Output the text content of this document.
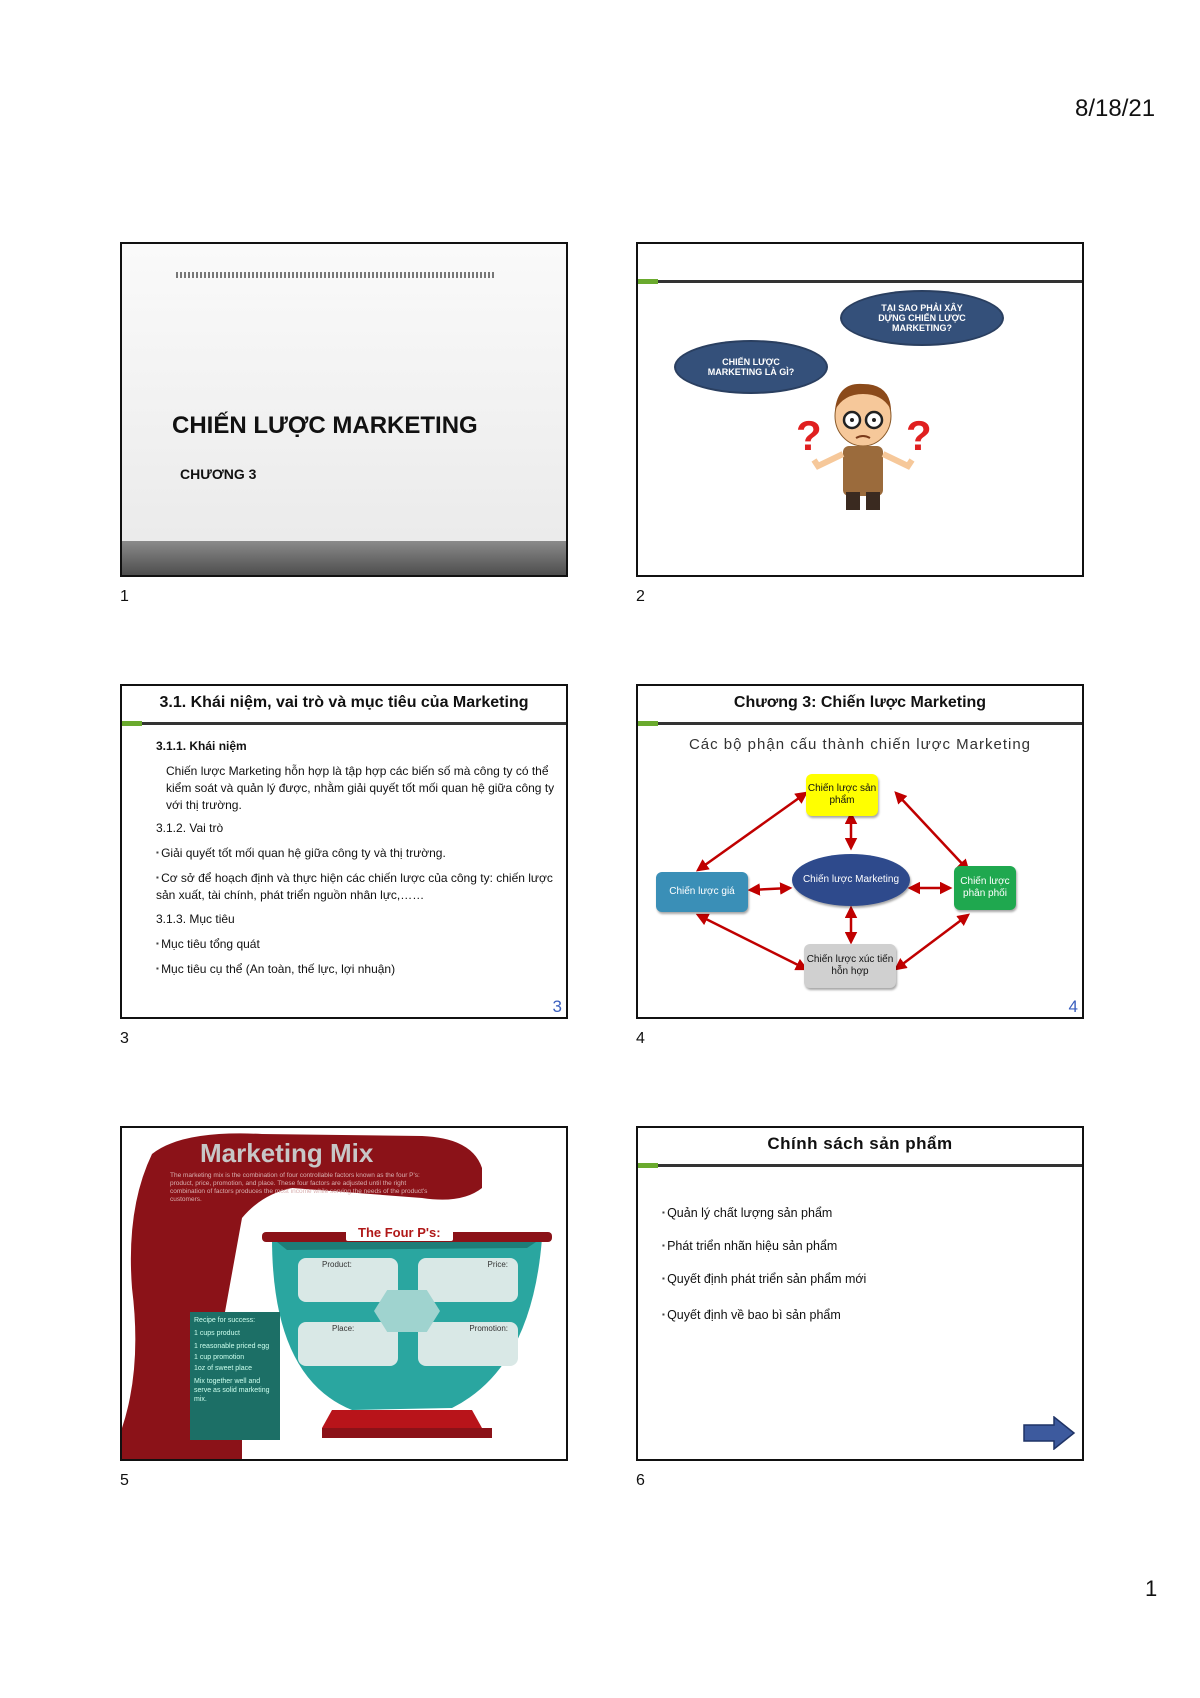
8/18/21
CHIẾN LƯỢC MARKETING
CHƯƠNG 3
1
CHIẾN LƯỢC MARKETING LÀ GÌ?
TẠI SAO PHẢI XÂY DỰNG CHIẾN LƯỢC MARKETING?
? ?
2
3.1. Khái niệm, vai trò và mục tiêu của Marketing
3.1.1. Khái niệm
Chiến lược Marketing hỗn hợp là tập hợp các biến số mà công ty có thể kiểm soát và quản lý được, nhằm giải quyết tốt mối quan hệ giữa công ty với thị trường.
3.1.2. Vai trò
▪ Giải quyết tốt mối quan hệ giữa công ty và thị trường.
▪ Cơ sở để hoạch định và thực hiện các chiến lược của công ty: chiến lược sản xuất, tài chính, phát triển nguồn nhân lực,……
3.1.3. Mục tiêu
▪ Mục tiêu tổng quát
▪ Mục tiêu cụ thể (An toàn, thế lực, lợi nhuận)
3
3
Chương 3: Chiến lược Marketing
Các bộ phận cấu thành chiến lược Marketing
Chiến lược sản phẩm
Chiến lược giá
Chiến lược Marketing	Chiến lược phân phối
Chiến lược xúc tiến hỗn hợp
4
4
Marketing Mix
The marketing mix is the combination of four controllable factors known as the four P's: product, price, promotion, and place. These four factors are adjusted until the right combination of factors produces the most income while serving the needs of the product's customers.
The Four P's:
Product:	Price:
Place:	Promotion:
Recipe for success:
1 cups product
1 reasonable priced egg
1 cup promotion
1oz of sweet place
Mix together well and serve as solid marketing mix.
5
Chính sách sản phẩm
▪ Quản lý chất lượng sản phẩm
▪ Phát triển nhãn hiệu sản phẩm
▪ Quyết định phát triển sản phẩm mới
▪ Quyết định về bao bì sản phẩm
6
1
